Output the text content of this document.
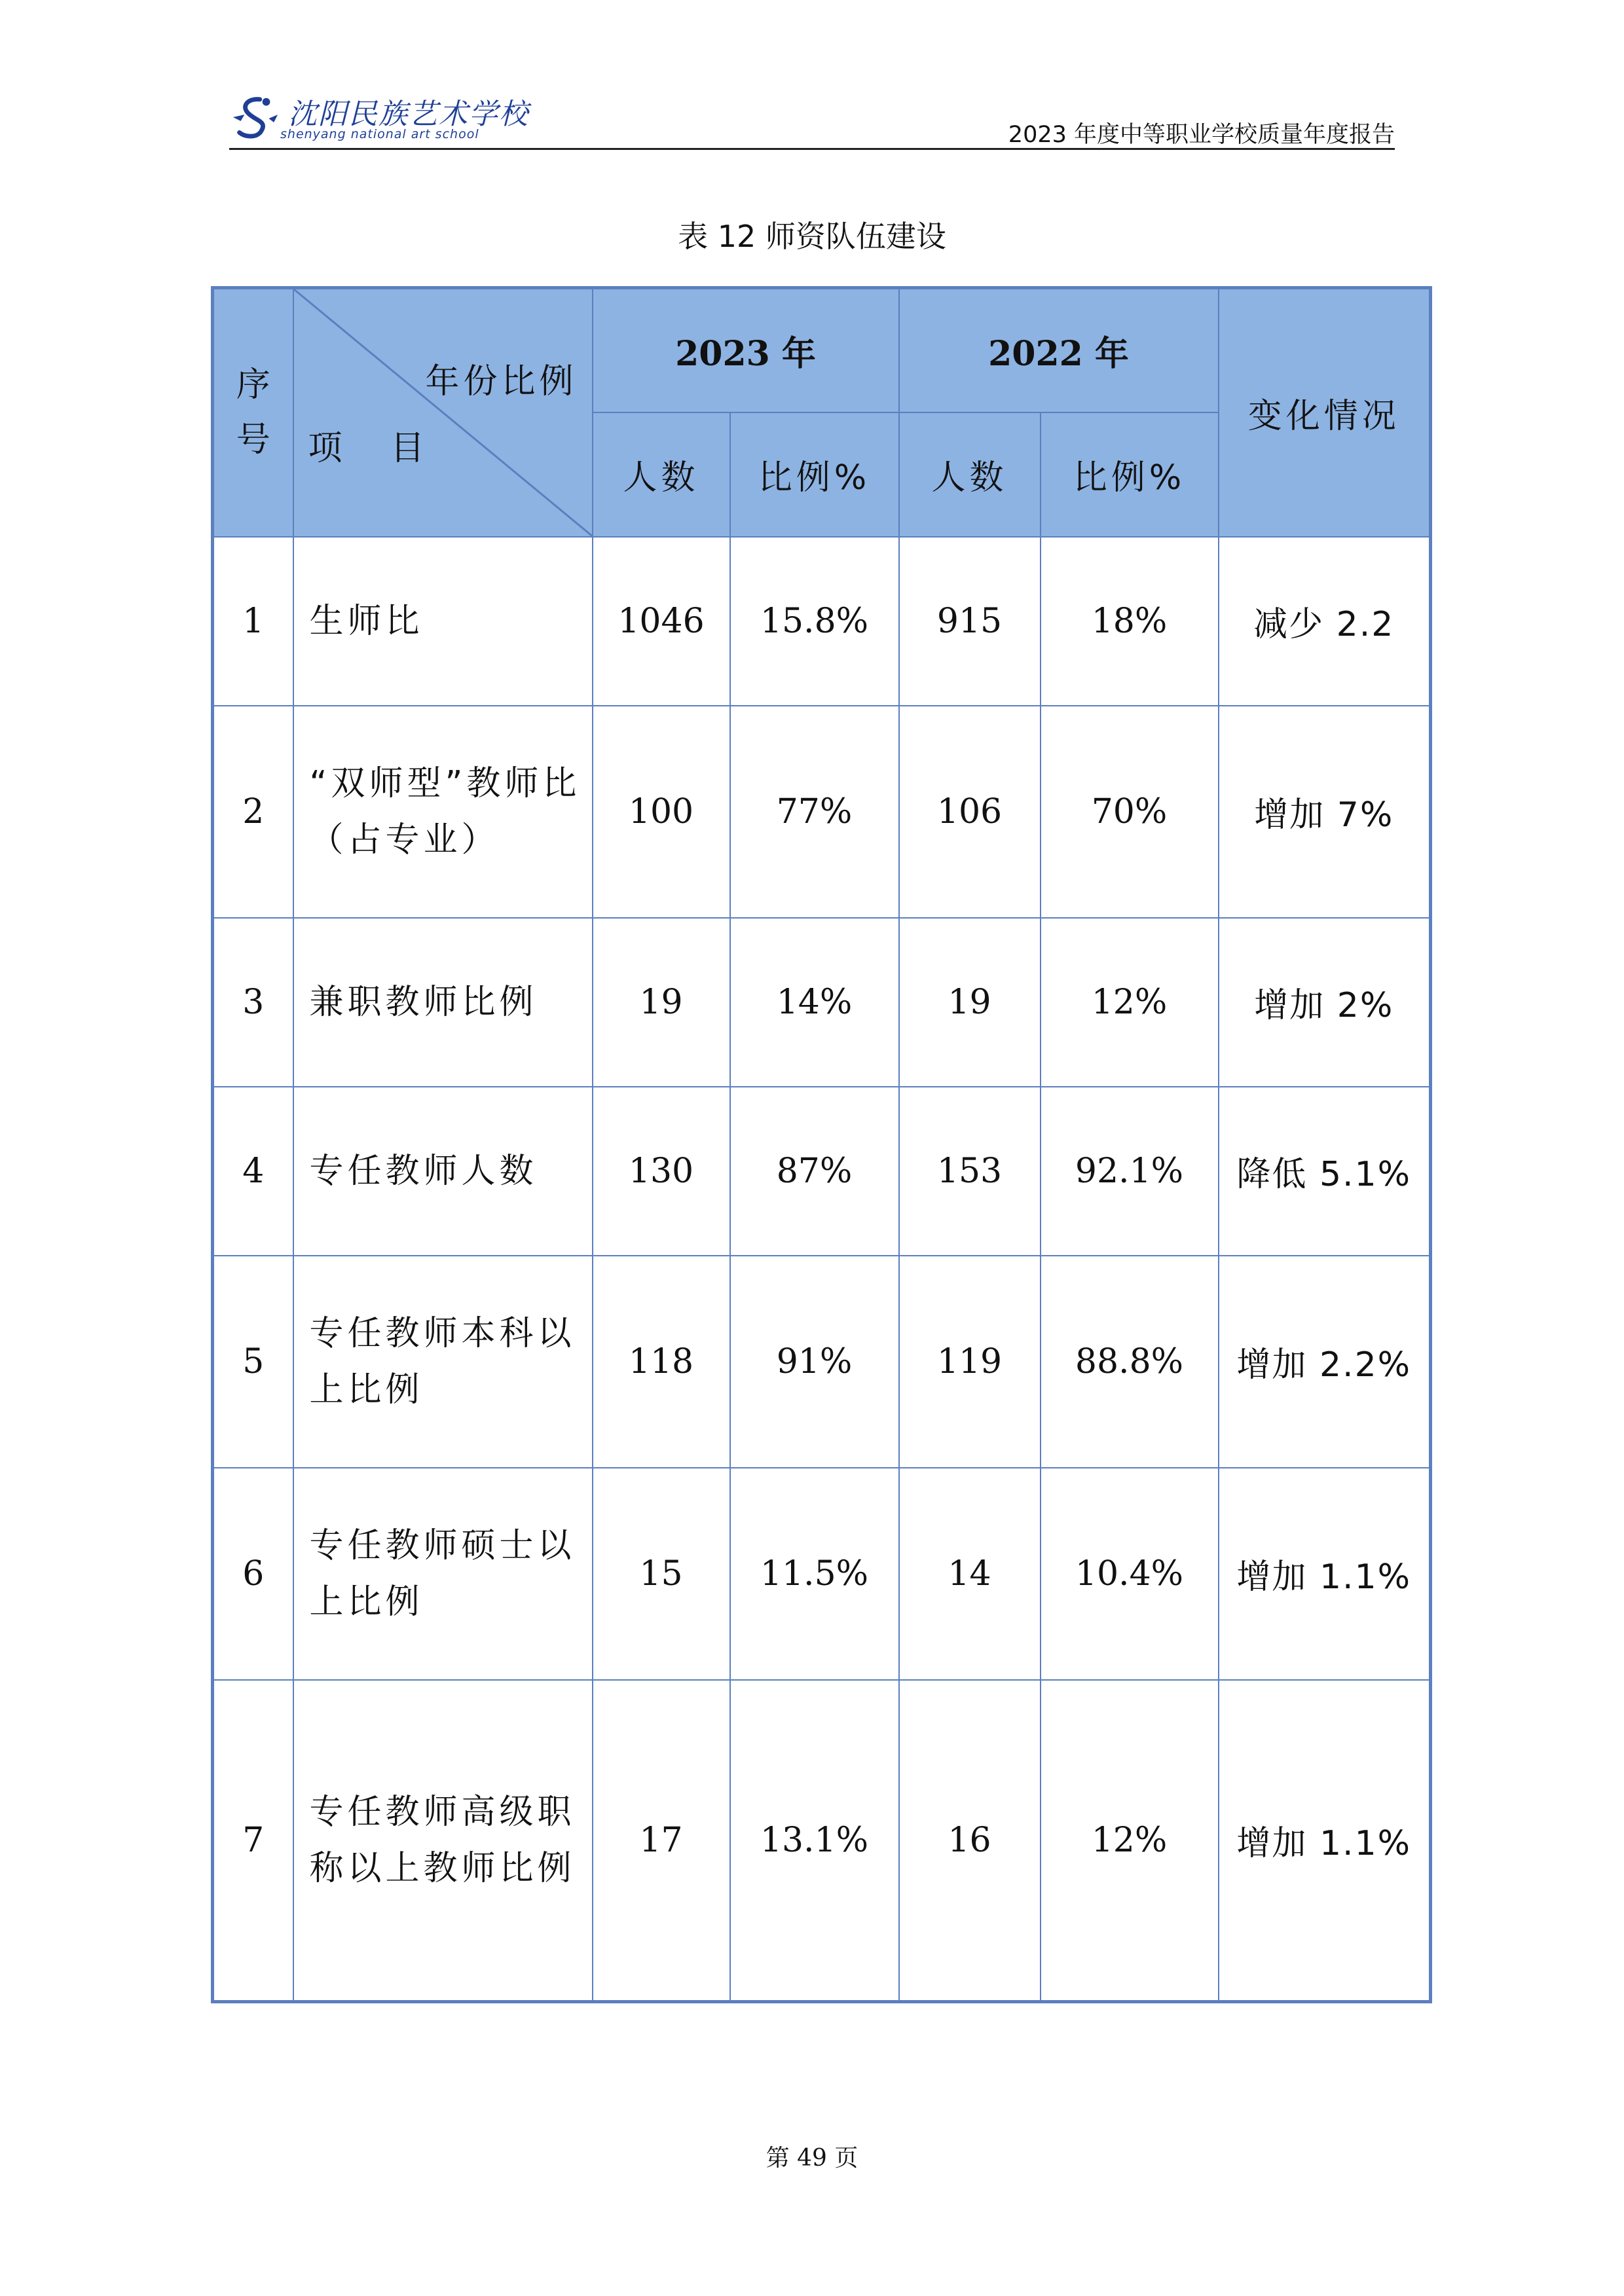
沈阳民族艺术学校
shenyang national art school	2023 年度中等职业学校质量年度报告
表 12 师资队伍建设
序
号	年份比例
项   目	2023 年		2022 年		变化情况
		人数	比例%	人数	比例%	
1	生师比	1046	15.8%	915	18%	减少 2.2
2	“双师型”教师比
（占专业）	100	77%	106	70%	增加 7%
3	兼职教师比例	19	14%	19	12%	增加 2%
4	专任教师人数	130	87%	153	92.1%	降低 5.1%
5	专任教师本科以
上比例	118	91%	119	88.8%	增加 2.2%
6	专任教师硕士以
上比例	15	11.5%	14	10.4%	增加 1.1%
7	专任教师高级职
称以上教师比例	17	13.1%	16	12%	增加 1.1%
第 49 页
